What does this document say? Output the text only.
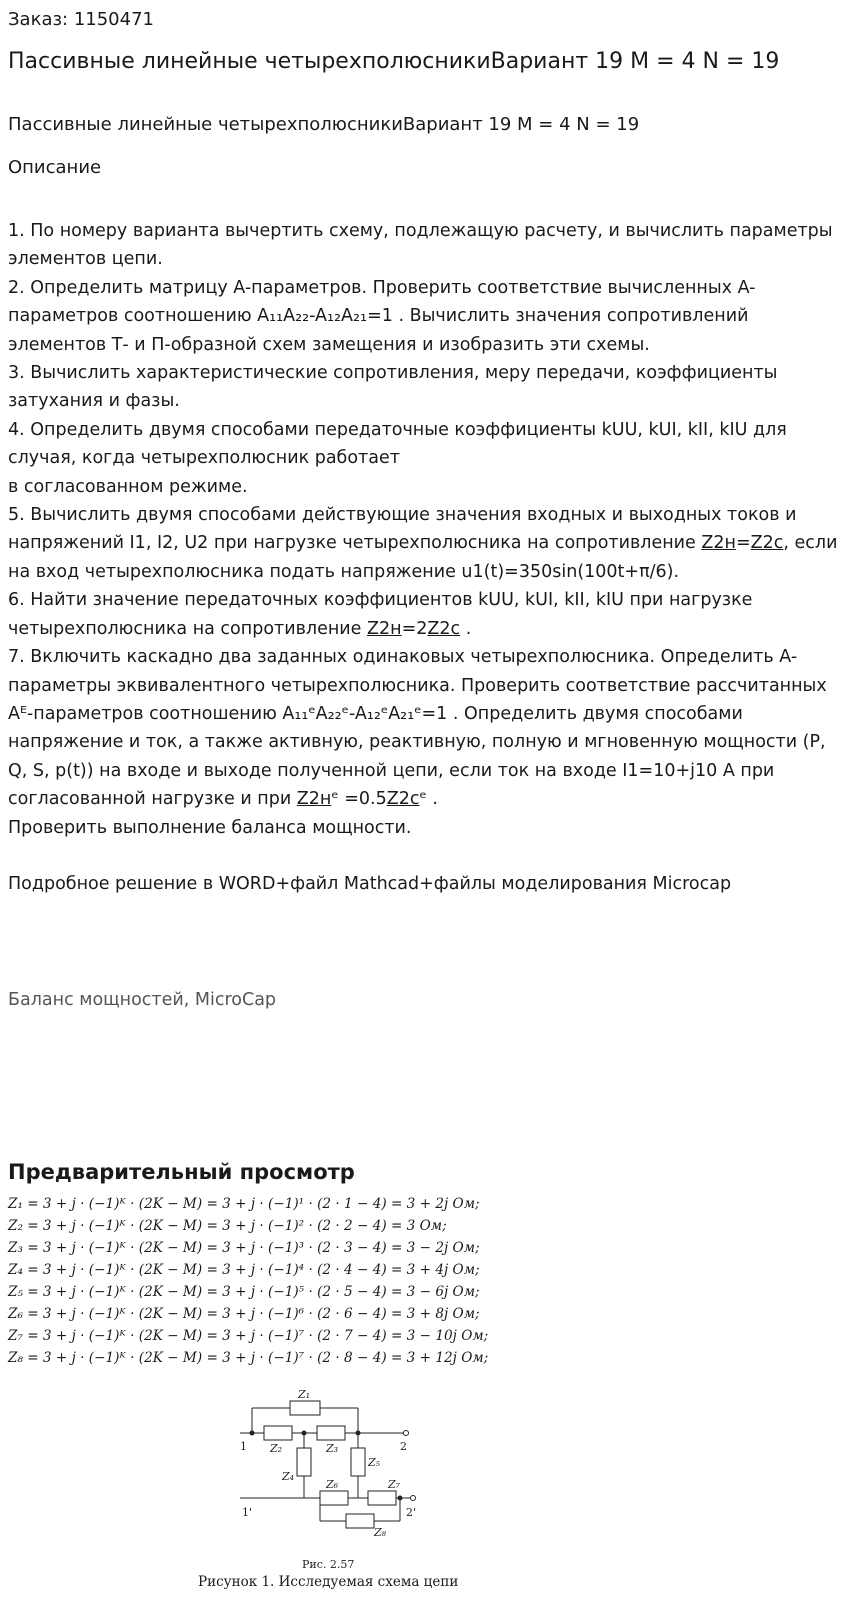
Заказ: 1150471
Пассивные линейные четырехполюсникиВариант 19 M = 4 N = 19
Пассивные линейные четырехполюсникиВариант 19 M = 4 N = 19
Описание

1. По номеру варианта вычертить схему, подлежащую расчету, и вычислить параметры элементов цепи.

2. Определить матрицу A-параметров. Проверить соответствие вычисленных A-параметров соотношению A₁₁A₂₂-A₁₂A₂₁=1 . Вычислить значения сопротивлений элементов Т- и П-образной схем замещения и изобразить эти схемы.

3. Вычислить характеристические сопротивления, меру передачи, коэффициенты затухания и фазы.

4. Определить двумя способами передаточные коэффициенты kUU, kUI, kII, kIU для случая, когда четырехполюсник работает
в согласованном режиме.

5. Вычислить двумя способами действующие значения входных и выходных токов и напряжений I1, I2, U2 при нагрузке четырехполюсника на сопротивление Z2н=Z2с, если на вход четырехполюсника подать напряжение u1(t)=350sin(100t+π/6).

6. Найти значение передаточных коэффициентов kUU, kUI, kII, kIU при нагрузке четырехполюсника на сопротивление Z2н=2Z2с .

7. Включить каскадно два заданных одинаковых четырехполюсника. Определить A-параметры эквивалентного четырехполюсника. Проверить соответствие рассчитанных Aᴱ-параметров соотношению A₁₁ᵉA₂₂ᵉ-A₁₂ᵉA₂₁ᵉ=1 . Определить двумя способами напряжение и ток, а также активную, реактивную, полную и мгновенную мощности (P, Q, S, p(t)) на входе и выходе полученной цепи, если ток на входе I1=10+j10 A при согласованной нагрузке и при Z2нᵉ =0.5Z2сᵉ .
Проверить выполнение баланса мощности.

Подробное решение в WORD+файл Mathcad+файлы моделирования Microcap

Баланс мощностей, MicroCap
Предварительный просмотр
Z₁ = 3 + j · (−1)ᴷ · (2K − M) = 3 + j · (−1)¹ · (2 · 1 − 4) = 3 + 2j Ом;
Z₂ = 3 + j · (−1)ᴷ · (2K − M) = 3 + j · (−1)² · (2 · 2 − 4) = 3 Ом;
Z₃ = 3 + j · (−1)ᴷ · (2K − M) = 3 + j · (−1)³ · (2 · 3 − 4) = 3 − 2j Ом;
Z₄ = 3 + j · (−1)ᴷ · (2K − M) = 3 + j · (−1)⁴ · (2 · 4 − 4) = 3 + 4j Ом;
Z₅ = 3 + j · (−1)ᴷ · (2K − M) = 3 + j · (−1)⁵ · (2 · 5 − 4) = 3 − 6j Ом;
Z₆ = 3 + j · (−1)ᴷ · (2K − M) = 3 + j · (−1)⁶ · (2 · 6 − 4) = 3 + 8j Ом;
Z₇ = 3 + j · (−1)ᴷ · (2K − M) = 3 + j · (−1)⁷ · (2 · 7 − 4) = 3 − 10j Ом;
Z₈ = 3 + j · (−1)ᴷ · (2K − M) = 3 + j · (−1)⁷ · (2 · 8 − 4) = 3 + 12j Ом;
Z₁
Z₂	Z₃
Z₄
Z₅
Z₆	Z₇
Z₈
1	2
1'	2'
Рис. 2.57
Рисунок 1. Исследуемая схема цепи
